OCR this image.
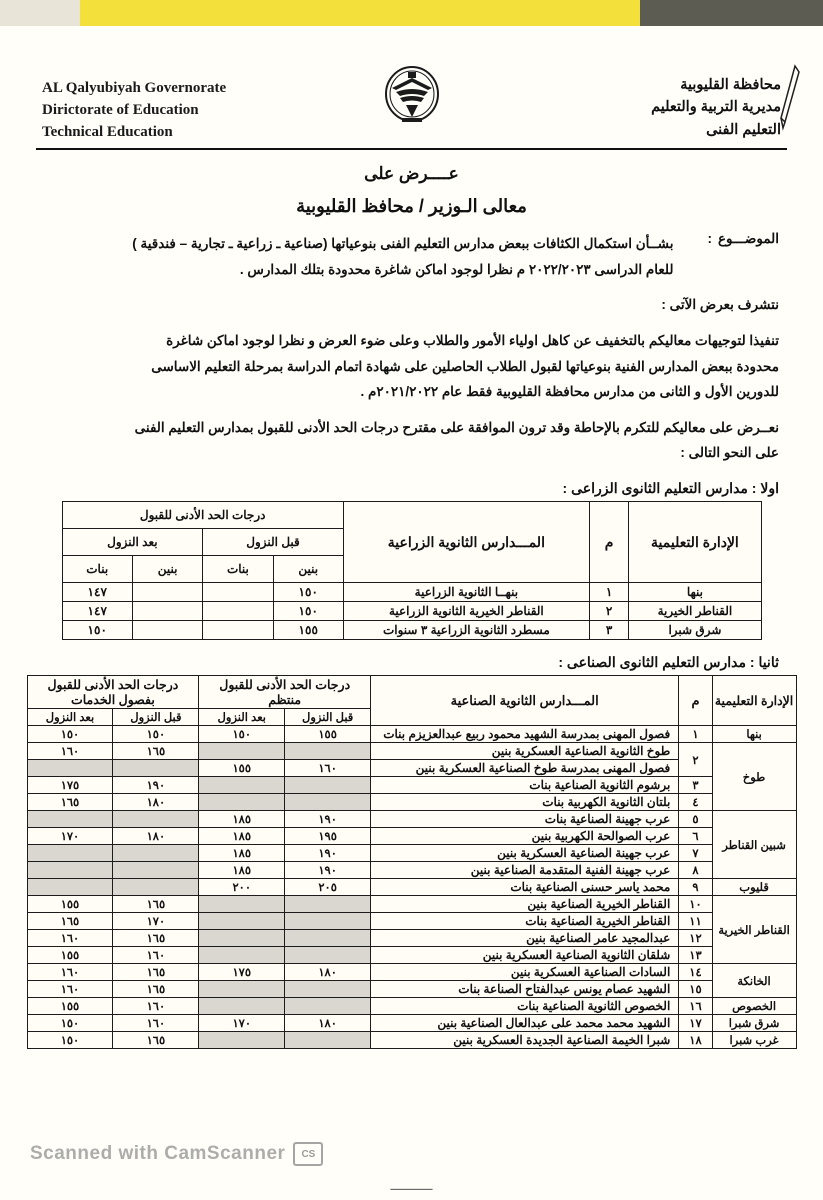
AL Qalyubiyah Governorate
Dirictorate of Education
Technical Education
محافظة القليوبية
مديرية التربية والتعليم
التعليم الفنى
عــــرض على
معالى الـوزير / محافظ القليوبية
الموضـــوع
:
بشــأن استكمال الكثافات ببعض مدارس التعليم الفنى بنوعياتها (صناعية ـ زراعية ـ تجارية – فندقية )
للعام الدراسى ٢٠٢٢/٢٠٢٣ م نظرا لوجود اماكن شاغرة محدودة بتلك المدارس .
نتشرف بعرض الآتى :
تنفيذا لتوجيهات معاليكم بالتخفيف عن كاهل اولياء الأمور والطلاب وعلى ضوء العرض و نظرا لوجود اماكن شاغرة
محدودة ببعض المدارس الفنية بنوعياتها لقبول الطلاب الحاصلين على شهادة اتمام الدراسة بمرحلة التعليم الاساسى
للدورين الأول و الثانى من مدارس محافظة القليوبية فقط عام ٢٠٢١/٢٠٢٢م .
نعــرض على معاليكم للتكرم بالإحاطة وقد ترون الموافقة على مقترح درجات الحد الأدنى للقبول بمدارس التعليم الفنى
على النحو التالى :
اولا : مدارس التعليم الثانوى الزراعى :
الإدارة التعليمية	م	المـــدارس الثانوية الزراعية	درجات الحد الأدنى للقبول			
			قبل النزول		بعد النزول	
			بنين	بنات	بنين	بنات
بنها	١	بنهــا الثانوية الزراعية	١٥٠			١٤٧
القناطر الخيرية	٢	القناطر الخيرية الثانوية الزراعية	١٥٠			١٤٧
شرق شبرا	٣	مسطرد الثانوية الزراعية ٣ سنوات	١٥٥			١٥٠
ثانيا : مدارس التعليم الثانوى الصناعى :
الإدارة التعليمية	م	المـــدارس الثانوية الصناعية	درجات الحد الأدنى للقبول منتظم		درجات الحد الأدنى للقبول بفصول الخدمات	
			قبل النزول	بعد النزول	قبل النزول	بعد النزول
بنها	١	فصول المهنى بمدرسة الشهيد محمود ربيع عبدالعزيزم بنات	١٥٥	١٥٠	١٥٠	١٥٠
طوخ	٢	طوخ الثانوية الصناعية العسكرية بنين			١٦٥	١٦٠
		فصول المهنى بمدرسة طوخ الصناعية العسكرية بنين	١٦٠	١٥٥		
	٣	برشوم الثانوية الصناعية بنات			١٩٠	١٧٥
	٤	بلتان الثانوية الكهربية بنات			١٨٠	١٦٥
شبين القناطر	٥	عرب جهينة الصناعية بنات	١٩٠	١٨٥		
	٦	عرب الصوالحة الكهربية بنين	١٩٥	١٨٥	١٨٠	١٧٠
	٧	عرب جهينة الصناعية العسكرية بنين	١٩٠	١٨٥		
	٨	عرب جهينة الفنية المتقدمة الصناعية بنين	١٩٠	١٨٥		
قليوب	٩	محمد ياسر حسنى الصناعية بنات	٢٠٥	٢٠٠		
القناطر الخيرية	١٠	القناطر الخيرية الصناعية بنين			١٦٥	١٥٥
	١١	القناطر الخيرية الصناعية بنات			١٧٠	١٦٥
	١٢	عبدالمجيد عامر الصناعية بنين			١٦٥	١٦٠
	١٣	شلقان الثانوية الصناعية العسكرية بنين			١٦٠	١٥٥
الخانكة	١٤	السادات الصناعية العسكرية بنين	١٨٠	١٧٥	١٦٥	١٦٠
	١٥	الشهيد عصام يونس عبدالفتاح الصناعة بنات			١٦٥	١٦٠
الخصوص	١٦	الخصوص الثانوية الصناعية بنات			١٦٠	١٥٥
شرق شبرا	١٧	الشهيد محمد محمد على عبدالعال الصناعية بنين	١٨٠	١٧٠	١٦٠	١٥٠
غرب شبرا	١٨	شبرا الخيمة الصناعية الجديدة العسكرية بنين			١٦٥	١٥٠
CS
Scanned with CamScanner
ـــــــــــ
